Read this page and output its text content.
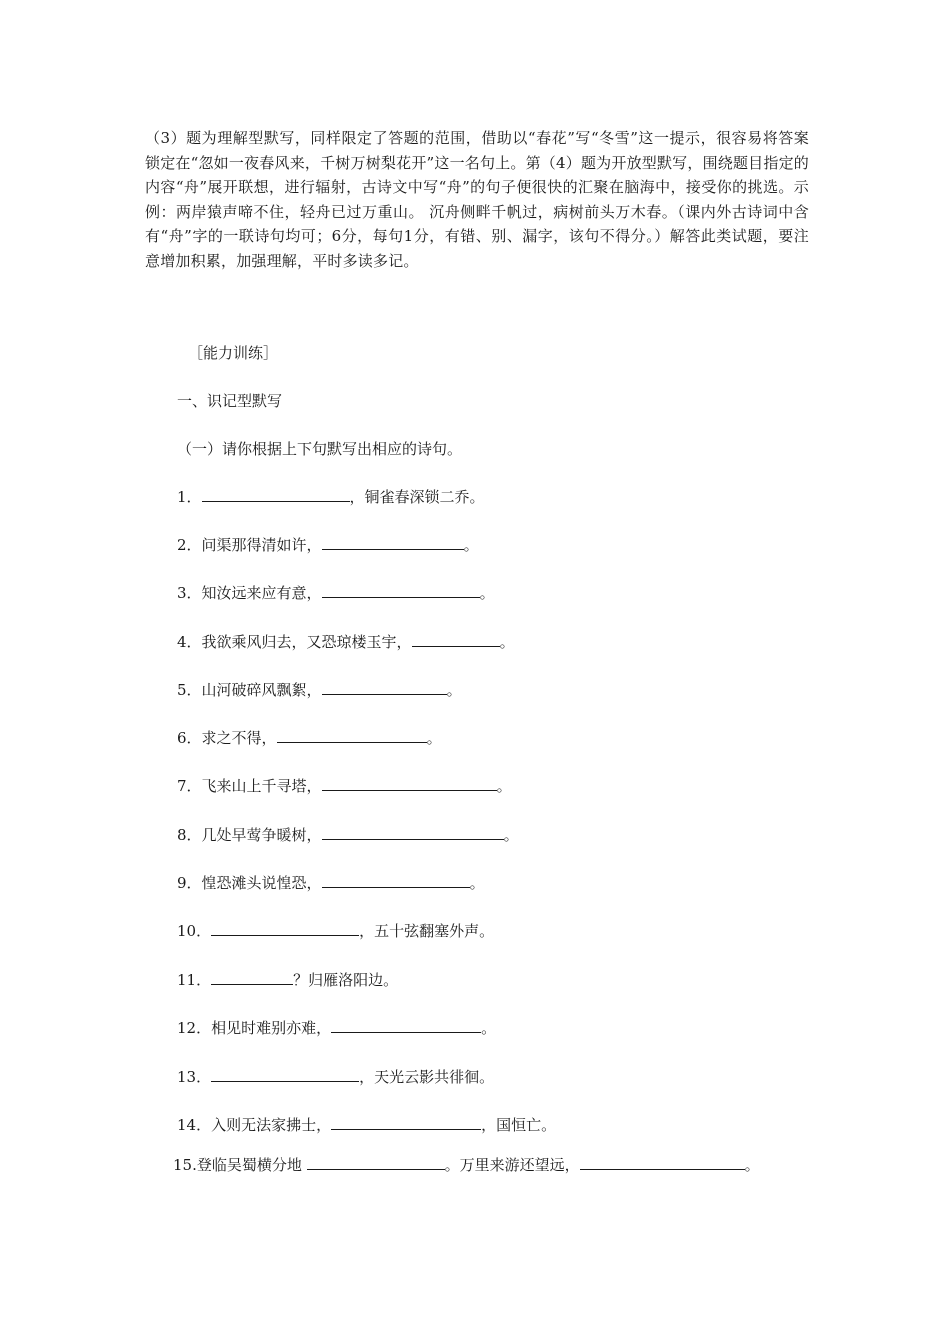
（3）题为理解型默写，同样限定了答题的范围，借助以“春花”写“冬雪”这一提示，很容易将答案锁定在“忽如一夜春风来，千树万树梨花开”这一名句上。第（4）题为开放型默写，围绕题目指定的内容“舟”展开联想，进行辐射，古诗文中写“舟”的句子便很快的汇聚在脑海中，接受你的挑选。示例：两岸猿声啼不住，轻舟已过万重山。 沉舟侧畔千帆过，病树前头万木春。（课内外古诗词中含有“舟”字的一联诗句均可；6分，每句1分，有错、别、漏字，该句不得分。）解答此类试题，要注意增加积累，加强理解，平时多读多记。

［能力训练］

一、识记型默写

（一）请你根据上下句默写出相应的诗句。

1．	，铜雀春深锁二乔。

2．问渠那得清如许，	。

3．知汝远来应有意，	。

4．我欲乘风归去，又恐琼楼玉宇，	。

5．山河破碎风飘絮，	。

6．求之不得，	。

7．飞来山上千寻塔，	。

8．几处早莺争暖树，	。

9．惶恐滩头说惶恐，	。

10．	，五十弦翻塞外声。

11．	？归雁洛阳边。

12．相见时难别亦难，	。

13．	，天光云影共徘徊。

14．入则无法家拂士，	，国恒亡。

15.登临吴蜀横分地	。万里来游还望远，	。
